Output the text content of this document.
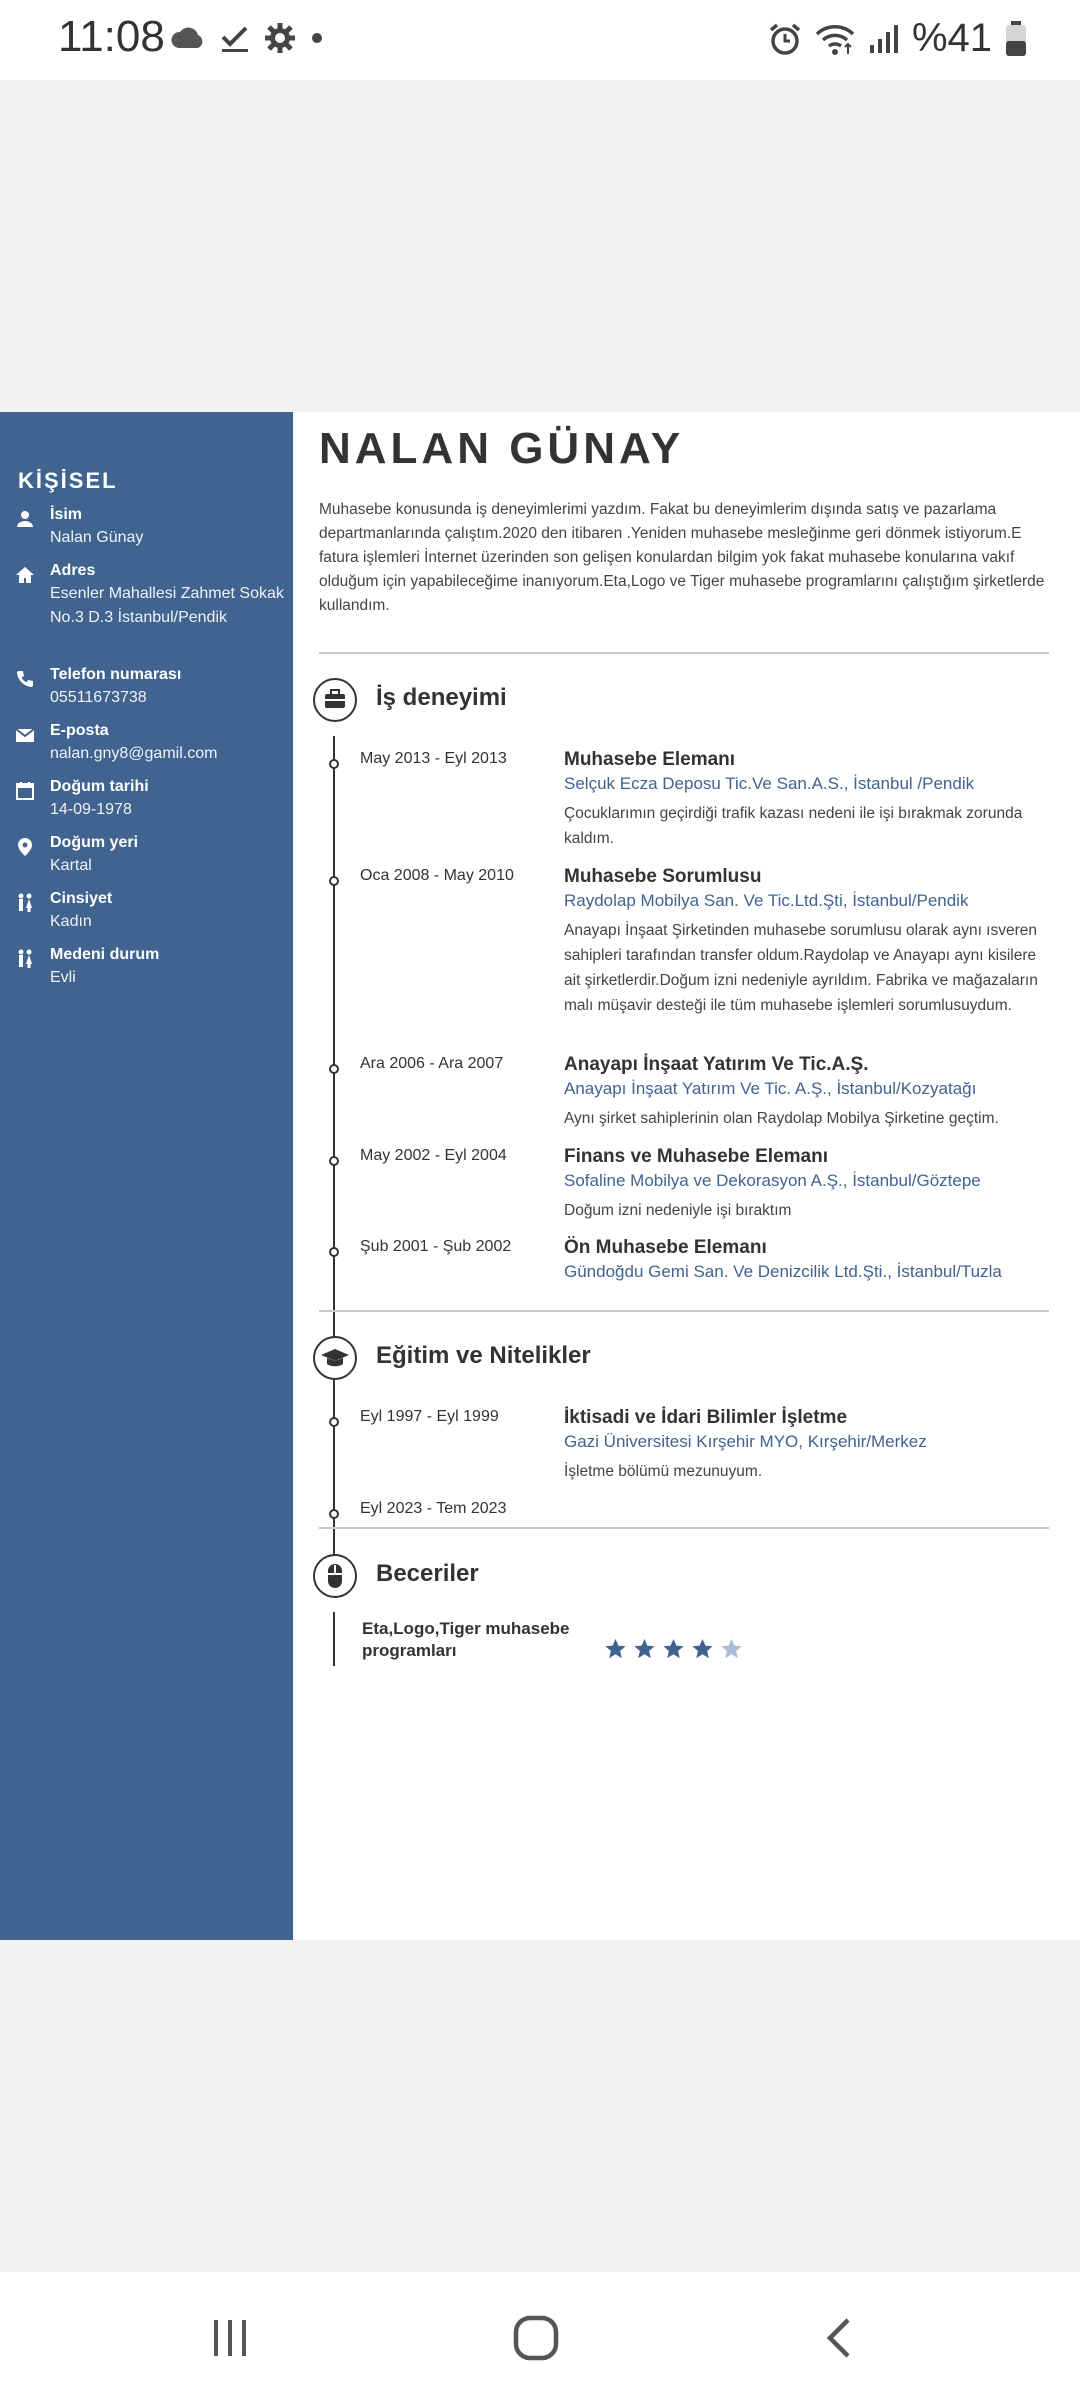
11:08	%41
KİŞİSEL
İsim
Nalan Günay
Adres
Esenler Mahallesi Zahmet Sokak No.3 D.3 İstanbul/Pendik
Telefon numarası
05511673738
E-posta
nalan.gny8@gamil.com
Doğum tarihi
14-09-1978
Doğum yeri
Kartal
Cinsiyet
Kadın
Medeni durum
Evli
NALAN GÜNAY
Muhasebe konusunda iş deneyimlerimi yazdım. Fakat bu deneyimlerim dışında satış ve pazarlama departmanlarında çalıştım.2020 den itibaren .Yeniden muhasebe mesleğinme geri dönmek istiyorum.E fatura işlemleri İnternet üzerinden son gelişen konulardan bilgim yok fakat muhasebe konularına vakıf olduğum için yapabileceğime inanıyorum.Eta,Logo ve Tiger muhasebe programlarını çalıştığım şirketlerde kullandım.
İş deneyimi
May 2013 - Eyl 2013	Muhasebe Elemanı
Selçuk Ecza Deposu Tic.Ve San.A.S., İstanbul /Pendik
Çocuklarımın geçirdiği trafik kazası nedeni ile işi bırakmak zorunda kaldım.
Oca 2008 - May 2010	Muhasebe Sorumlusu
Raydolap Mobilya San. Ve Tic.Ltd.Şti, İstanbul/Pendik
Anayapı İnşaat Şirketinden muhasebe sorumlusu olarak aynı ısveren sahipleri tarafından transfer oldum.Raydolap ve Anayapı aynı kisilere ait şirketlerdir.Doğum izni nedeniyle ayrıldım. Fabrika ve mağazaların malı müşavir desteği ile tüm muhasebe işlemleri sorumlusuydum.
Ara 2006 - Ara 2007	Anayapı İnşaat Yatırım Ve Tic.A.Ş.
Anayapı İnşaat Yatırım Ve Tic. A.Ş., İstanbul/Kozyatağı
Aynı şirket sahiplerinin olan Raydolap Mobilya Şirketine geçtim.
May 2002 - Eyl 2004	Finans ve Muhasebe Elemanı
Sofaline Mobilya ve Dekorasyon A.Ş., İstanbul/Göztepe
Doğum izni nedeniyle işi bıraktım
Şub 2001 - Şub 2002	Ön Muhasebe Elemanı
Gündoğdu Gemi San. Ve Denizcilik Ltd.Şti., İstanbul/Tuzla
Eğitim ve Nitelikler
Eyl 1997 - Eyl 1999	İktisadi ve İdari Bilimler İşletme
Gazi Üniversitesi Kırşehir MYO, Kırşehir/Merkez
İşletme bölümü mezunuyum.
Eyl 2023 - Tem 2023
Beceriler
Eta,Logo,Tiger muhasebe programları
